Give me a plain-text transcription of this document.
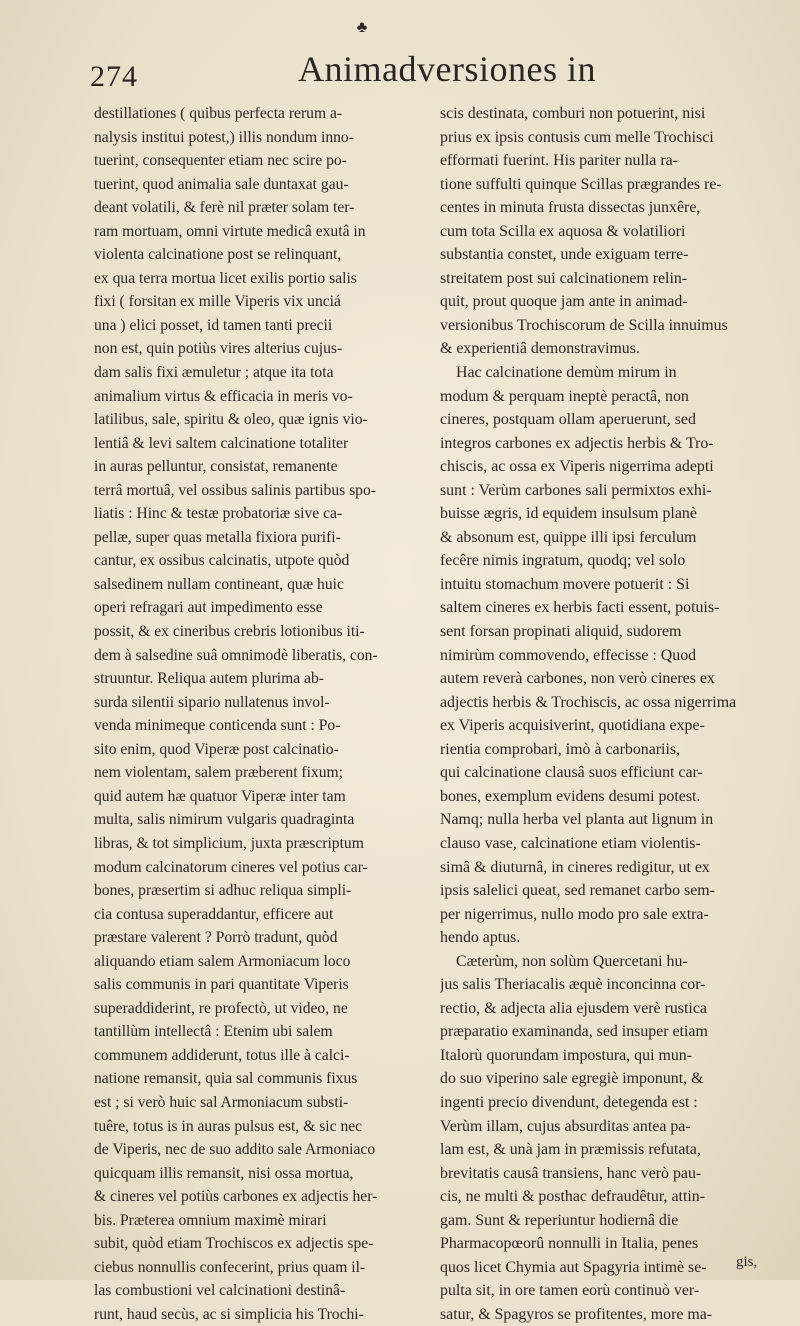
♣
274	Animadversiones in
destillationes ( quibus perfecta rerum a-
nalysis institui potest,) illis nondum inno-
tuerint, consequenter etiam nec scire po-
tuerint, quod animalia sale duntaxat gau-
deant volatili, & ferè nil præter solam ter-
ram mortuam, omni virtute medicâ exutâ in
violenta calcinatione post se relinquant,
ex qua terra mortua licet exilis portio salis
fixi ( forsitan ex mille Viperis vix unciá
una ) elici posset, id tamen tanti precii
non est, quin potiùs vires alterius cujus-
dam salis fixi æmuletur ; atque ita tota
animalium virtus & efficacia in meris vo-
latilibus, sale, spiritu & oleo, quæ ignis vio-
lentiâ & levi saltem calcinatione totaliter
in auras pelluntur, consistat, remanente
terrâ mortuâ, vel ossibus salinis partibus spo-
liatis : Hinc & testæ probatoriæ sive ca-
pellæ, super quas metalla fixiora purifi-
cantur, ex ossibus calcinatis, utpote quòd
salsedinem nullam contineant, quæ huic
operi refragari aut impedimento esse
possit, & ex cineribus crebris lotionibus iti-
dem à salsedine suâ omnimodè liberatis, con-
struuntur. Reliqua autem plurima ab-
surda silentii sipario nullatenus invol-
venda minimeque conticenda sunt : Po-
sito enim, quod Viperæ post calcinatio-
nem violentam, salem præberent fixum;
quid autem hæ quatuor Viperæ inter tam
multa, salis nimirum vulgaris quadraginta
libras, & tot simplicium, juxta præscriptum
modum calcinatorum cineres vel potius car-
bones, præsertim si adhuc reliqua simpli-
cia contusa superaddantur, efficere aut
præstare valerent ? Porrò tradunt, quòd
aliquando etiam salem Armoniacum loco
salis communis in pari quantitate Viperis
superaddiderint, re profectò, ut video, ne
tantillùm intellectâ : Etenim ubi salem
communem addiderunt, totus ille à calci-
natione remansit, quia sal communis fixus
est ; si verò huic sal Armoniacum substi-
tuêre, totus is in auras pulsus est, & sic nec
de Viperis, nec de suo addito sale Armoniaco
quicquam illis remansit, nisi ossa mortua,
& cineres vel potiùs carbones ex adjectis her-
bis. Præterea omnium maximè mirari
subit, quòd etiam Trochiscos ex adjectis spe-
ciebus nonnullis confecerint, prius quam il-
las combustioni vel calcinationi destinâ-
runt, haud secùs, ac si simplicia his Trochi-
scis destinata, comburi non potuerint, nisi
prius ex ipsis contusis cum melle Trochisci
efformati fuerint. His pariter nulla ra-
tione suffulti quinque Scillas prægrandes re-
centes in minuta frusta dissectas junxêre,
cum tota Scilla ex aquosa & volatiliori
substantia constet, unde exiguam terre-
streitatem post sui calcinationem relin-
quit, prout quoque jam ante in animad-
versionibus Trochiscorum de Scilla innuimus
& experientiâ demonstravimus.
Hac calcinatione demùm mirum in
modum & perquam ineptè peractâ, non
cineres, postquam ollam aperuerunt, sed
integros carbones ex adjectis herbis & Tro-
chiscis, ac ossa ex Viperis nigerrima adepti
sunt : Verùm carbones sali permixtos exhi-
buisse ægris, id equidem insulsum planè
& absonum est, quippe illi ipsi ferculum
fecêre nimis ingratum, quodq; vel solo
intuitu stomachum movere potuerit : Si
saltem cineres ex herbis facti essent, potuis-
sent forsan propinati aliquid, sudorem
nimirùm commovendo, effecisse : Quod
autem reverà carbones, non verò cineres ex
adjectis herbis & Trochiscis, ac ossa nigerrima
ex Viperis acquisiverint, quotidiana expe-
rientia comprobari, imò à carbonariis,
qui calcinatione clausâ suos efficiunt car-
bones, exemplum evidens desumi potest.
Namq; nulla herba vel planta aut lignum in
clauso vase, calcinatione etiam violentis-
simâ & diuturnâ, in cineres redigitur, ut ex
ipsis salelici queat, sed remanet carbo sem-
per nigerrimus, nullo modo pro sale extra-
hendo aptus.
Cæterùm, non solùm Quercetani hu-
jus salis Theriacalis æquè inconcinna cor-
rectio, & adjecta alia ejusdem verè rustica
præparatio examinanda, sed insuper etiam
Italorù quorundam impostura, qui mun-
do suo viperino sale egregiè imponunt, &
ingenti precio divendunt, detegenda est :
Verùm illam, cujus absurditas antea pa-
lam est, & unà jam in præmissis refutata,
brevitatis causâ transiens, hanc verò pau-
cis, ne multi & posthac defraudêtur, attin-
gam. Sunt & reperiuntur hodiernâ die
Pharmacopœorû nonnulli in Italia, penes
quos licet Chymia aut Spagyria intimè se-
pulta sit, in ore tamen eorù continuò ver-
satur, & Spagyros se profitentes, more ma-
gis,
